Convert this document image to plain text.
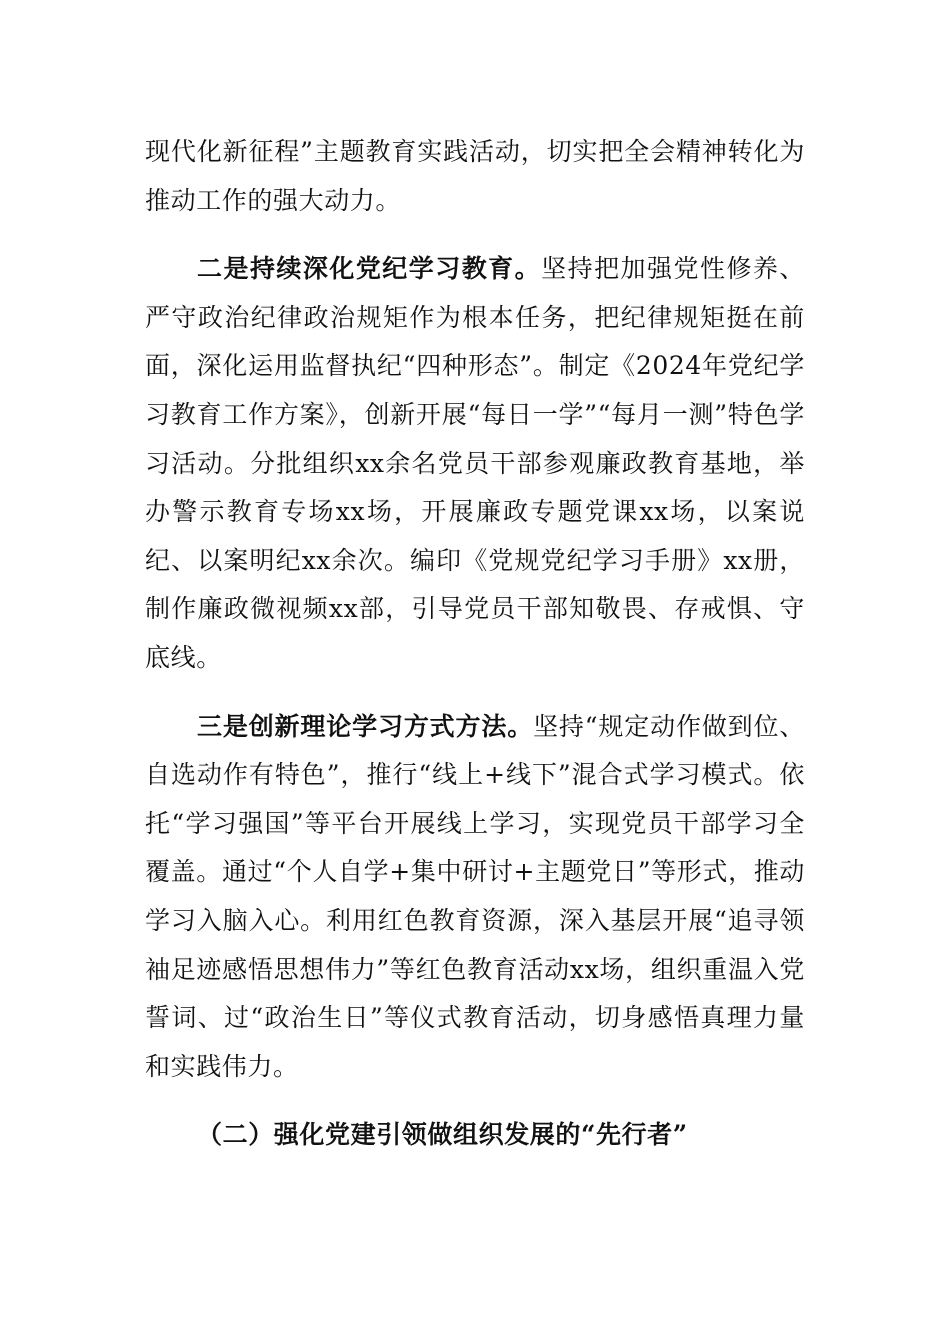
现代化新征程”主题教育实践活动，切实把全会精神转化为推动工作的强大动力。

二是持续深化党纪学习教育。坚持把加强党性修养、严守政治纪律政治规矩作为根本任务，把纪律规矩挺在前面，深化运用监督执纪“四种形态”。制定《2024年党纪学习教育工作方案》，创新开展“每日一学”“每月一测”特色学习活动。分批组织xx余名党员干部参观廉政教育基地，举办警示教育专场xx场，开展廉政专题党课xx场，以案说纪、以案明纪xx余次。编印《党规党纪学习手册》xx册，制作廉政微视频xx部，引导党员干部知敬畏、存戒惧、守底线。

三是创新理论学习方式方法。坚持“规定动作做到位、自选动作有特色”，推行“线上+线下”混合式学习模式。依托“学习强国”等平台开展线上学习，实现党员干部学习全覆盖。通过“个人自学+集中研讨+主题党日”等形式，推动学习入脑入心。利用红色教育资源，深入基层开展“追寻领袖足迹感悟思想伟力”等红色教育活动xx场，组织重温入党誓词、过“政治生日”等仪式教育活动，切身感悟真理力量和实践伟力。

（二）强化党建引领做组织发展的“先行者”
